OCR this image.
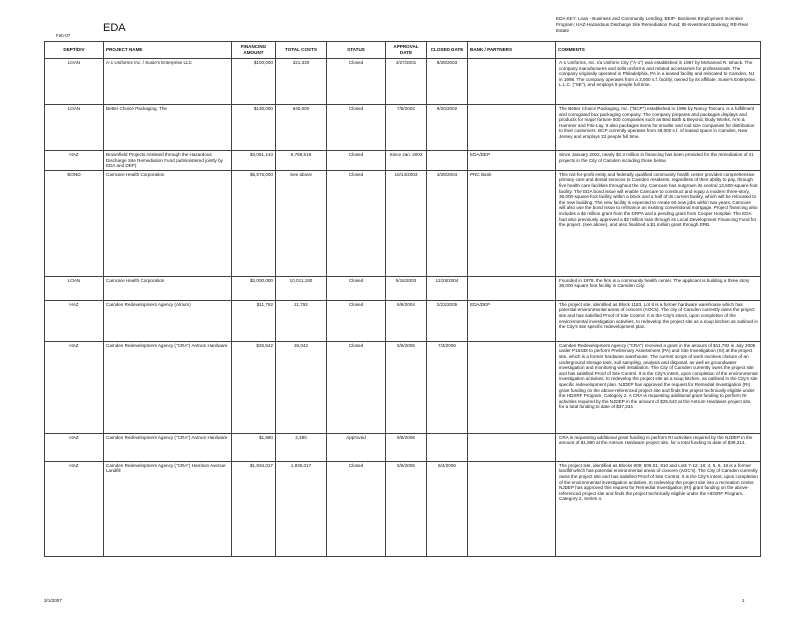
Feb-07
EDA
EDA KEY: Loan - Business and Community Lending; BEIP- Business Employment Incentive Program; HAZ-Hazardous Discharge Site Remediation Fund; IB-Investment Banking; RE-Real Estate
DEPT/DIV	PROJECT NAME	FINANCING AMOUNT	TOTAL COSTS	STATUS	APPROVAL DATE	CLOSED DATE	BANK / PARTNERS	COMMENTS
LOAN	A-1 Uniforms Inc. / Susie's Enterprise LLC	$100,000	321,330	Closed	4/27/2001	8/29/2003		A-1 Uniforms, Inc. t/a Uniform City ("A-1") was established in 1967 by Mohamed R. Ishack. The company manufactures and sells uniforms and related accessories for professionals. The company originally operated in Philadelphia, PA in a leased facility and relocated to Camden, NJ in 1998. The company operates from a 3,000 s.f. facility, owned by its affiliate, Susie's Enterprise, L.L.C. ("SE"), and employs 9 people full time.
LOAN	Better Choice Packaging, The	$130,000	640,000	Closed	7/8/2002	9/20/2002		The Better Choice Packaging, Inc. ("BCP") established in 1996 by Nancy Toscani, is a fulfillment and corrugated box packaging company. The company prepares and packages displays and products for major fortune 500 companies such as Bed Bath & Beyond, Body Works, Arm & Hammer and Fito-Lay. It also packages items for smaller and mid size companies for distribution to their customers. BCP currently operates from 28,000 s.f. of leased space in Camden, New Jersey and employs 23 people full time.
HAZ	Brownfield Projects Assisted through the Hazardous Discharge Site Remediation Fund (administered jointly by EDA and DEP)	$3,081,143	5,788,619	Closed	Since Jan. 2002		EDA/DEP	Since January 2002, nearly $2.3 million in financing has been provided for the remediation of 21 projects in the City of Camden including those below.
BOND	Camcare Health Corporation	$5,575,000	See above	Closed	10/14/2003	4/29/2004	PNC Bank	This not-for-profit entity and federally qualified community health center provides comprehensive primary care and dental services to Camden residents, regardless of their ability to pay, through five health care facilities throughout the city. Camcare has outgrown its central 13,600-square-foot facility. The EDA bond issue will enable Camcare to construct and equip a modern three-story, 38,000-square-foot facility within a block and a half of its current facility, which will be relocated to the new building. The new facility is expected to create 60 new jobs within two years. Camcare will also use the bond issue to refinance an existing conventional mortgage. Project financing also includes a $2 million grant from the DRPA and a pending grant from Cooper Hospital. The EDA had also previously approved a $2 million loan through its Local Development Financing Fund for the project. (see above), and also finalized a $1 million grant through ERB.
LOAN	Camcare Health Corporation	$2,000,000	10,011,180	Closed	5/16/2003	12/28/2004		Founded in 1978, the firm is a community health center. The applicant is building a three story 38,000 square foot facility in Camden City.
HAZ	Camden Redevelopment Agency (Atrium)	$11,792	11,792	Closed	6/8/2004	2/23/2005	EDA/DEP	The project site, identified as Block 1183, Lot 8 is a former hardware warehouse which has potential environmental areas of concern (AOCs). The city of Camden currently owns the project site and has satisfied Proof of Site Control. It is the City's intent, upon completion of the environmental investigation activities, to redevelop the project site as a soup kitchen as outlined in the City's site specific redevelopment plan.
HAZ	Camden Redevelopment Agency ("CRA") Antrum Hardware	$25,542	26,042	Closed	5/9/2006	7/3/2006		Camden Redevelopment Agency ("CRA") received a grant in the amount of $11,792 in July 2005 under P16438 to perform Preliminary Assessment (PA) and Site Investigation (SI) at the project site, which is a former hardware warehouse. The current scope of work involves closure of an underground storage tank, soil sampling, analysis and disposal, as well as groundwater investigation and monitoring well installation. The City of Camden currently owns the project site and has satisfied Proof of Site Control. It is the City's intent, upon completion of the environmental investigation activities, to redevelop the project site as a soup kitchen, as outlined in the City's site specific redevelopment plan. NJDEP has approved the request for Remedial Investigation (RI) grant funding on the above-referenced project site and finds the project technically eligible under the HDSRF Program, Category 2. A CRA is requesting additional grant funding to perform RI activities required by the NJDEP in the amount of $25,542 at the Antrum Hardware project site, for a total funding to date of $37,334.
HAZ	Camden Redevelopment Agency ("CRA") Antrum Hardware	$1,980	2,480	Approved	9/6/2006			CRA is requesting additional grant funding to perform RI activities required by the NJDEP in the amount of $1,980 at the Antrum Hardware project site, for a total funding to date of $39,314.
HAZ	Camden Redevelopment Agency ("CRA") Harrison Avenue Landfill	$1,934,017	1,935,017	Closed	5/9/2006	8/4/2006		The project site, identified as Blocks 809; 809.01; 810 and Lots 7-12; 18; 4, 5, 6, 18 is a former landfill which has potential environmental areas of concern (AOC's). The City of Camden currently owns the project site and has satisfied Proof of Site Control. It is the City's intent, upon completion of the environmental investigation activities, to redevelop the project site into a recreation center. NJDEP has approved this request for Remedial Investigation (RI) grant funding on the above-referenced project site and finds the project technically eligible under the HDSRF Program, Category 2, Series 4.
3/1/2007	1
